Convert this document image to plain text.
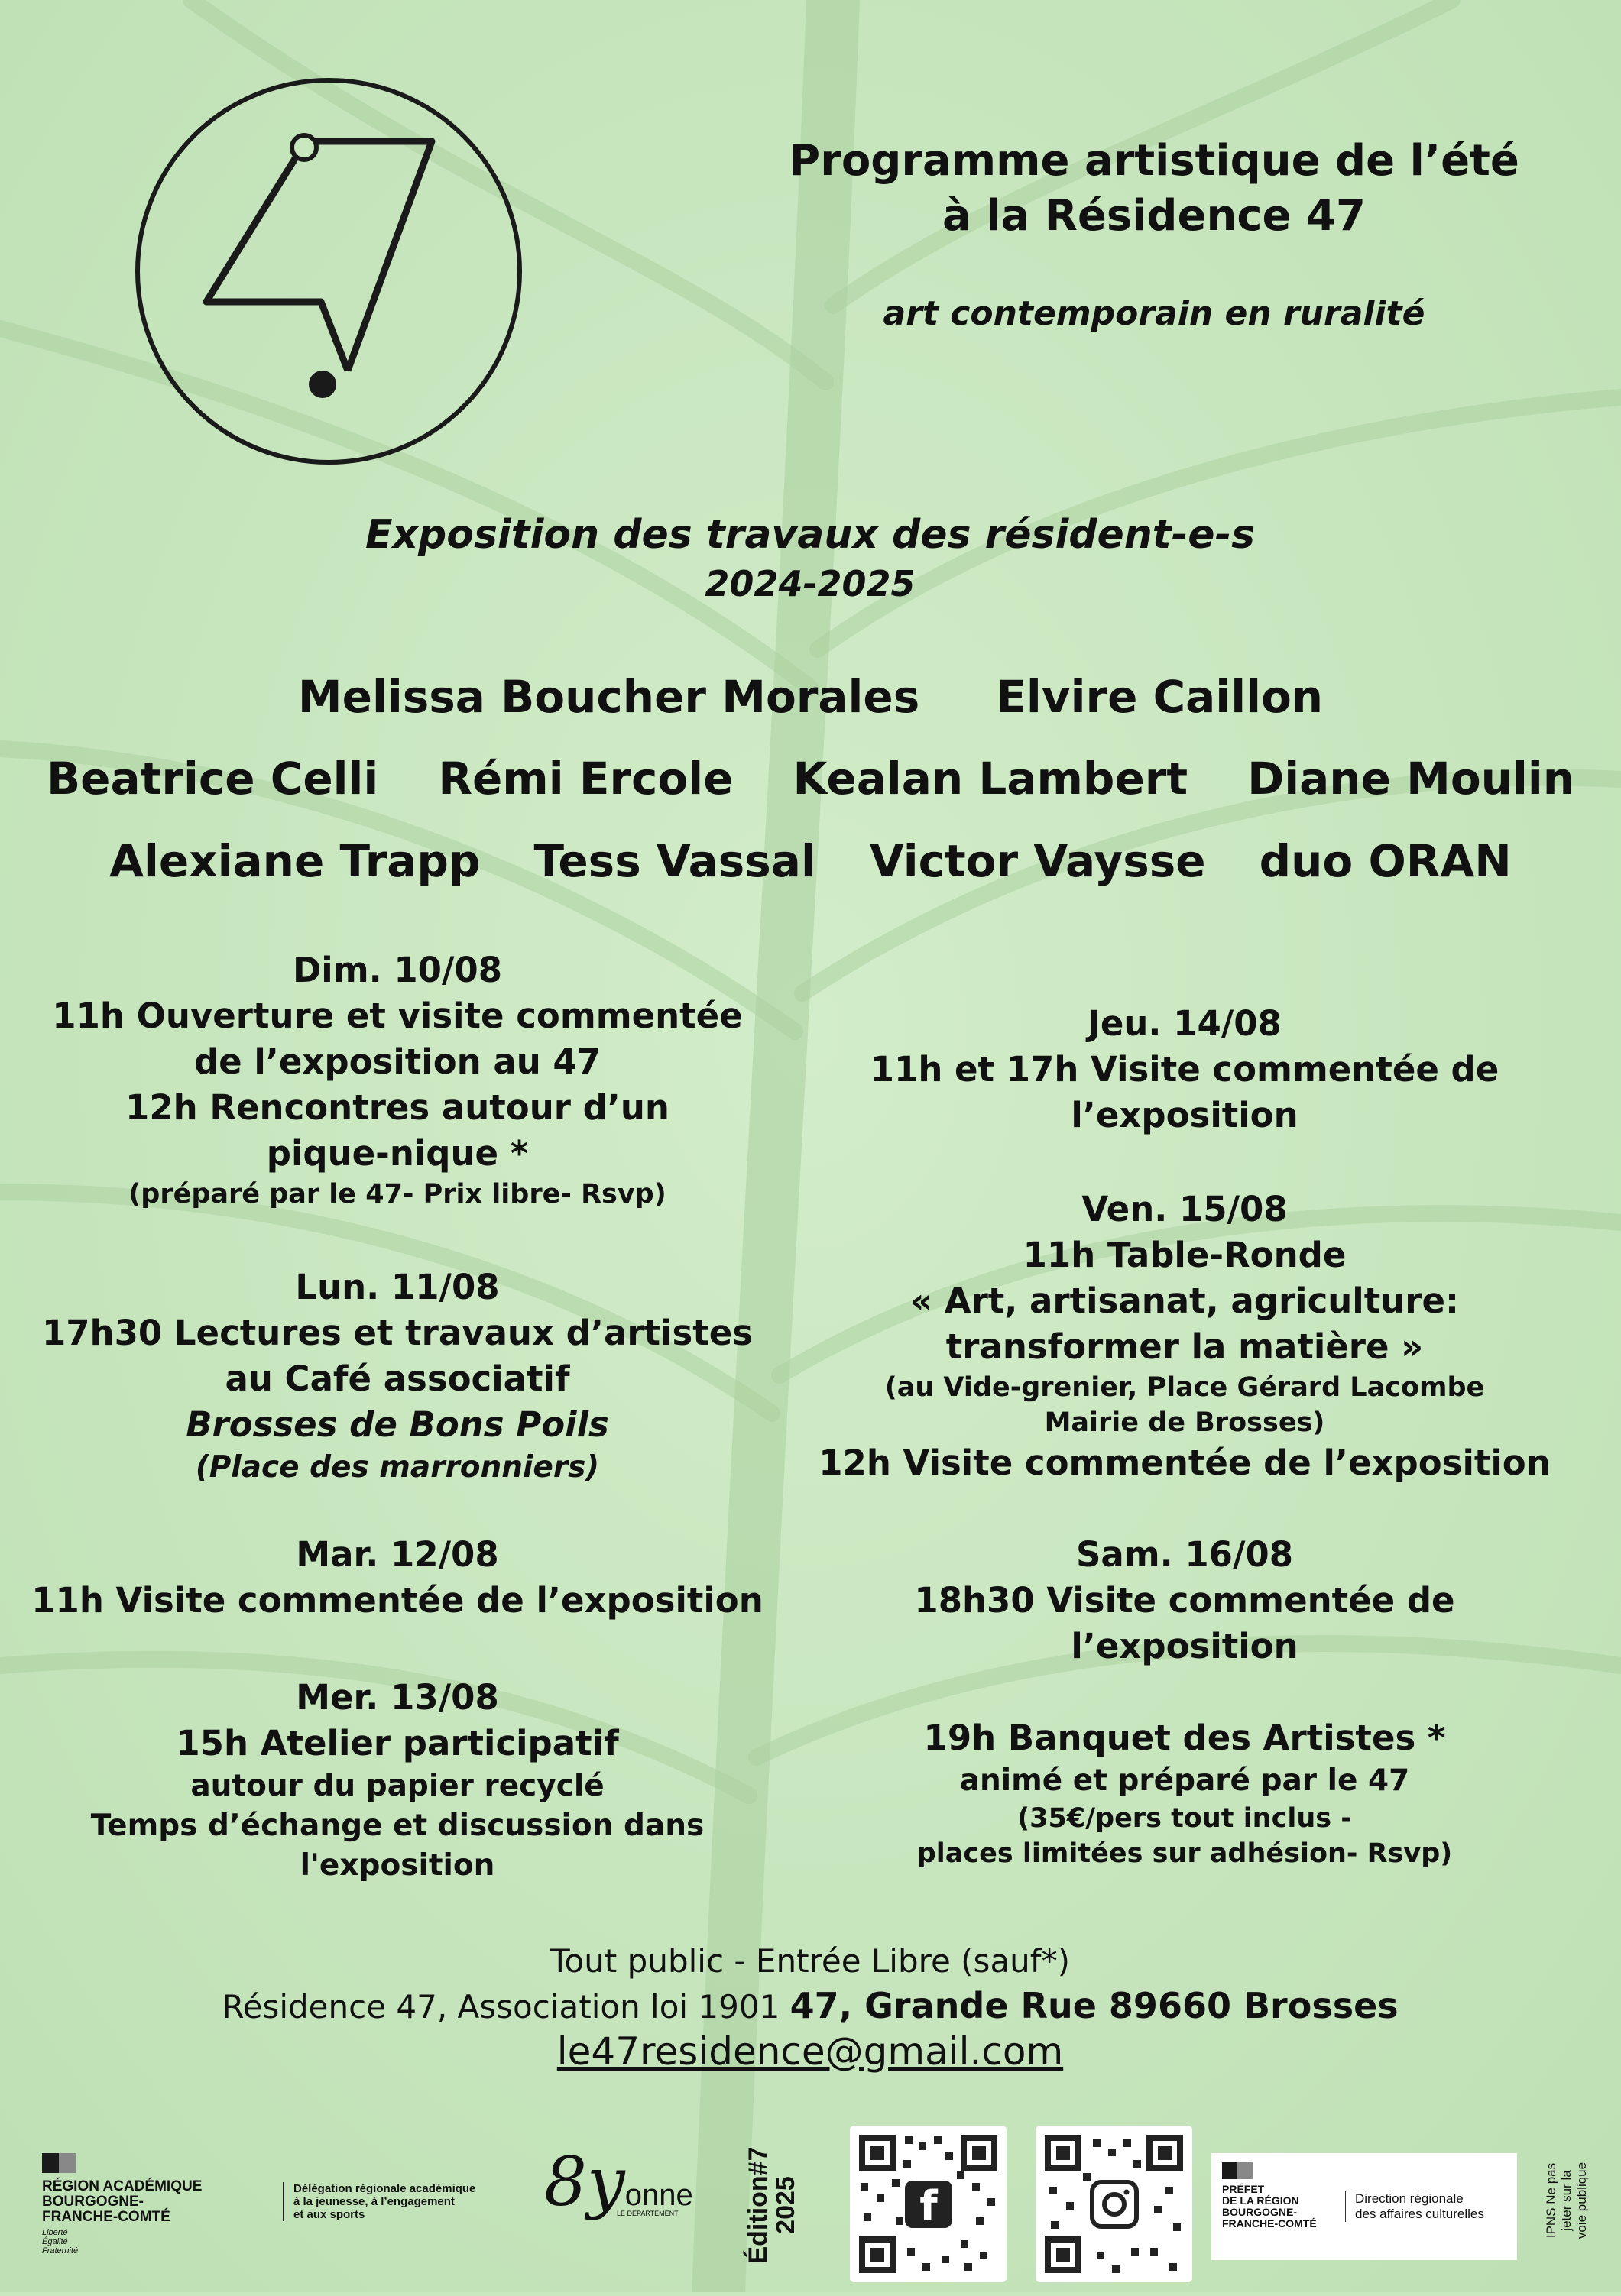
Programme artistique de l’été
à la Résidence 47
art contemporain en ruralité
Exposition des travaux des résident-e-s
2024-2025
Melissa Boucher Morales Elvire Caillon
Beatrice Celli Rémi Ercole Kealan Lambert Diane Moulin
Alexiane Trapp Tess Vassal Victor Vaysse duo ORAN
Dim. 10/08
11h Ouverture et visite commentée
de l’exposition au 47
12h Rencontres autour d’un
pique-nique *
(préparé par le 47- Prix libre- Rsvp)
Lun. 11/08
17h30 Lectures et travaux d’artistes
au Café associatif
Brosses de Bons Poils
(Place des marronniers)
Mar. 12/08
11h Visite commentée de l’exposition
Mer. 13/08
15h Atelier participatif
autour du papier recyclé
Temps d’échange et discussion dans
l'exposition
Jeu. 14/08
11h et 17h Visite commentée de
l’exposition
Ven. 15/08
11h Table-Ronde
« Art, artisanat, agriculture:
transformer la matière »
(au Vide-grenier, Place Gérard Lacombe
Mairie de Brosses)
12h Visite commentée de l’exposition
Sam. 16/08
18h30 Visite commentée de
l’exposition
19h Banquet des Artistes *
animé et préparé par le 47
(35€/pers tout inclus -
places limitées sur adhésion- Rsvp)
Tout public - Entrée Libre (sauf*)
Résidence 47, Association loi 1901 47, Grande Rue 89660 Brosses
le47residence@gmail.com
RÉGION ACADÉMIQUE
BOURGOGNE-
FRANCHE-COMTÉ
Liberté Égalité Fraternité
Délégation régionale académique
à la jeunesse, à l’engagement
et aux sports	8yonne
LE DÉPARTEMENT	Édition#7
2025	f	PRÉFET
DE LA RÉGION
BOURGOGNE-
FRANCHE-COMTÉ
Direction régionale
des affaires culturelles	IPNS Ne pas jeter sur la voie publique
